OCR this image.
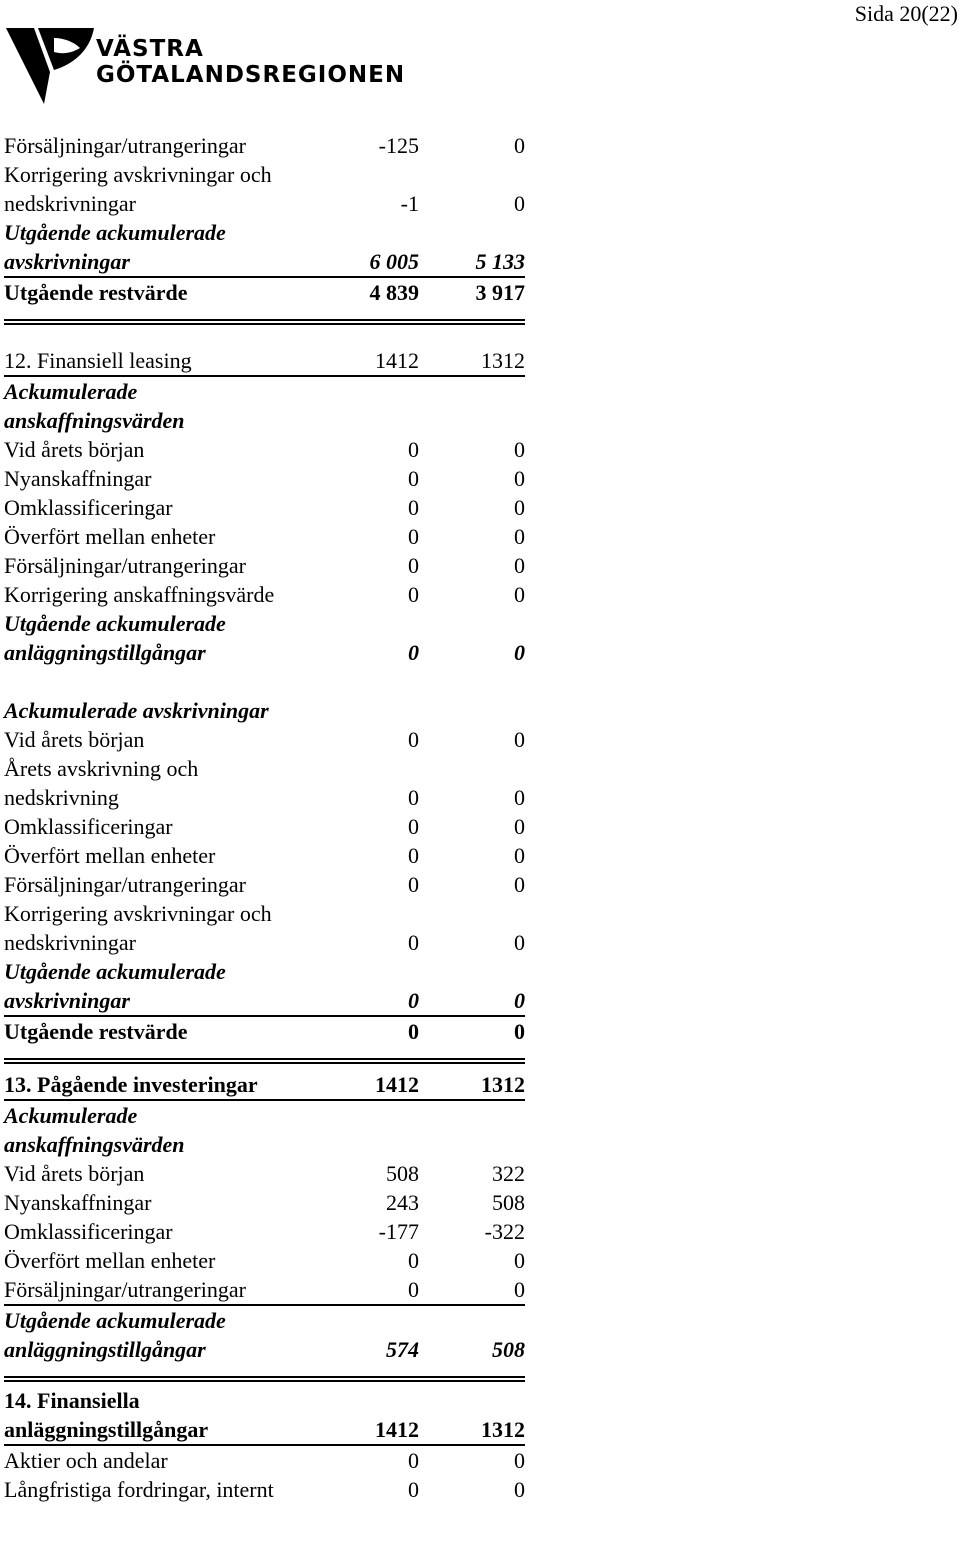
Sida 20(22)
VÄSTRA
GÖTALANDSREGIONEN
Försäljningar/utrangeringar	-125	0
Korrigering avskrivningar och
nedskrivningar	-1	0
Utgående ackumulerade
avskrivningar	6 005	5 133
Utgående restvärde	4 839	3 917
12. Finansiell leasing	1412	1312
Ackumulerade
anskaffningsvärden
Vid årets början	0	0
Nyanskaffningar	0	0
Omklassificeringar	0	0
Överfört mellan enheter	0	0
Försäljningar/utrangeringar	0	0
Korrigering anskaffningsvärde	0	0
Utgående ackumulerade
anläggningstillgångar	0	0
Ackumulerade avskrivningar
Vid årets början	0	0
Årets avskrivning och
nedskrivning	0	0
Omklassificeringar	0	0
Överfört mellan enheter	0	0
Försäljningar/utrangeringar	0	0
Korrigering avskrivningar och
nedskrivningar	0	0
Utgående ackumulerade
avskrivningar	0	0
Utgående restvärde	0	0
13. Pågående investeringar	1412	1312
Ackumulerade
anskaffningsvärden
Vid årets början	508	322
Nyanskaffningar	243	508
Omklassificeringar	-177	-322
Överfört mellan enheter	0	0
Försäljningar/utrangeringar	0	0
Utgående ackumulerade
anläggningstillgångar	574	508
14. Finansiella
anläggningstillgångar	1412	1312
Aktier och andelar	0	0
Långfristiga fordringar, internt	0	0
